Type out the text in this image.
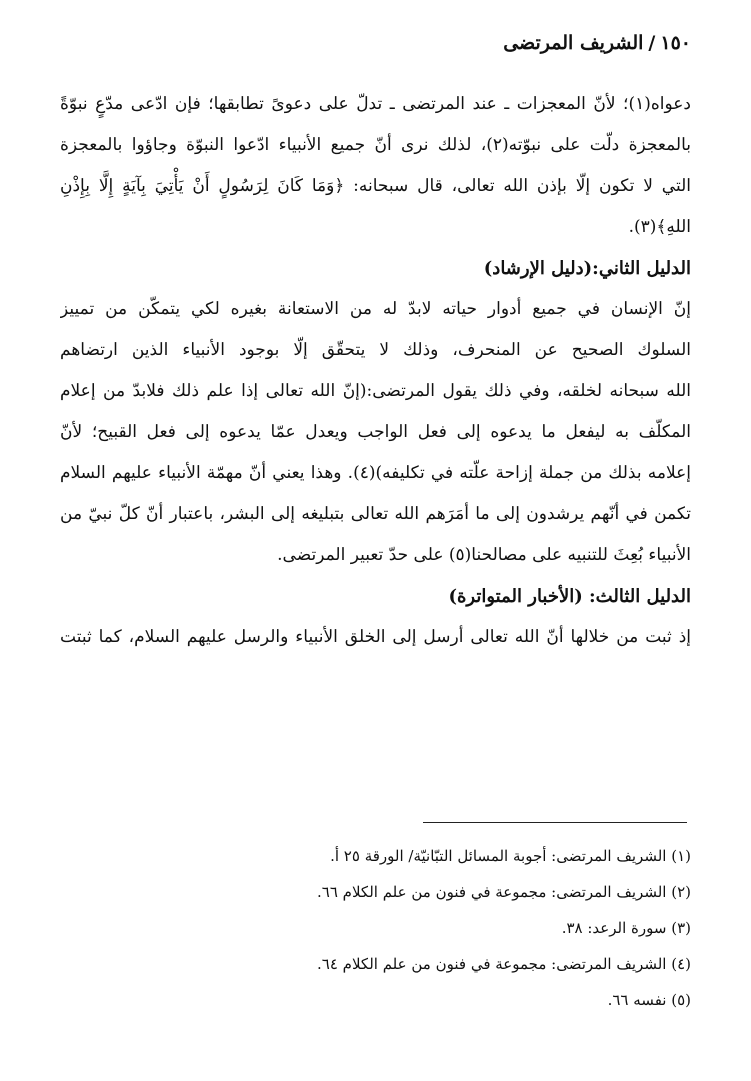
١٥٠/الشريف المرتضى
دعواه(١)؛ لأنّ المعجزات ـ عند المرتضى ـ تدلّ على دعوىً تطابقها؛ فإن ادّعى مدّعٍ نبوّةً
بالمعجزة دلّت على نبوّته(٢)، لذلك نرى أنّ جميع الأنبياء ادّعوا النبوّة وجاؤوا بالمعجزة
التي لا تكون إلّا بإذن الله تعالى، قال سبحانه: ﴿وَمَا كَانَ لِرَسُولٍ أَنْ يَأْتِيَ بِآيَةٍ إِلَّا بِإِذْنِ
اللهِ﴾(٣).
الدليل الثاني:(دليل الإرشاد)
إنّ الإنسان في جميع أدوار حياته لابدّ له من الاستعانة بغيره لكي يتمكّن من تمييز
السلوك الصحيح عن المنحرف، وذلك لا يتحقّق إلّا بوجود الأنبياء الذين ارتضاهم
الله سبحانه لخلقه، وفي ذلك يقول المرتضى:(إنّ الله تعالى إذا علم ذلك فلابدّ من إعلام
المكلّف به ليفعل ما يدعوه إلى فعل الواجب ويعدل عمّا يدعوه إلى فعل القبيح؛ لأنّ
إعلامه بذلك من جملة إزاحة علّته في تكليفه)(٤). وهذا يعني أنّ مهمّة الأنبياء عليهم السلام
تكمن في أنّهم يرشدون إلى ما أمَرَهم الله تعالى بتبليغه إلى البشر، باعتبار أنّ كلّ نبيّ من
الأنبياء بُعِثَ للتنبيه على مصالحنا(٥) على حدّ تعبير المرتضى.
الدليل الثالث: (الأخبار المتواترة)
إذ ثبت من خلالها أنّ الله تعالى أرسل إلى الخلق الأنبياء والرسل عليهم السلام، كما ثبتت
(١) الشريف المرتضى: أجوبة المسائل التبّانيّة/ الورقة ٢٥ أ.
(٢) الشريف المرتضى: مجموعة في فنون من علم الكلام ٦٦.
(٣) سورة الرعد: ٣٨.
(٤) الشريف المرتضى: مجموعة في فنون من علم الكلام ٦٤.
(٥) نفسه ٦٦.
